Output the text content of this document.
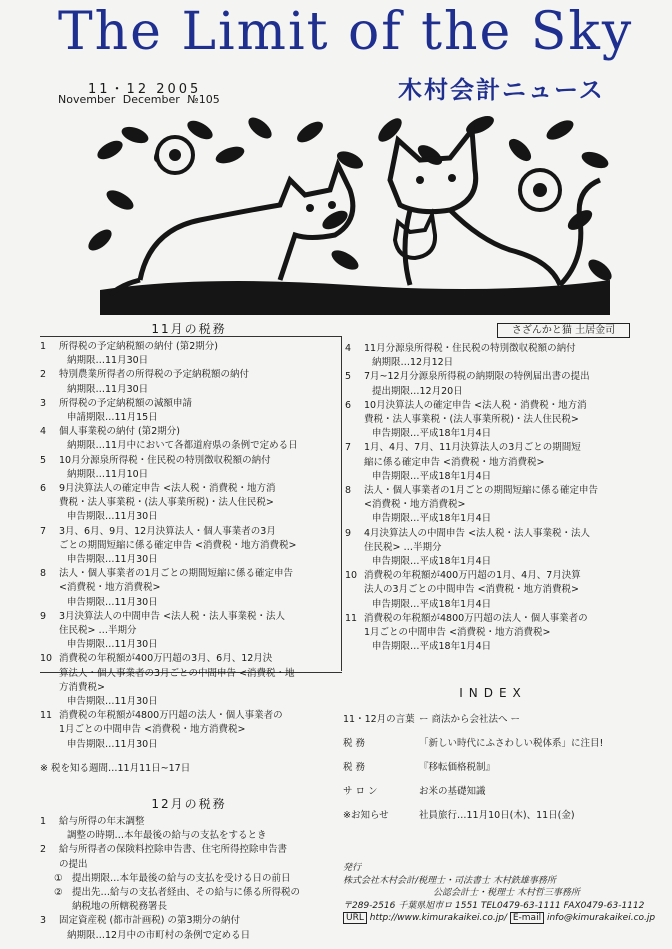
The Limit of the Sky
11・12 2005
November December №105	木村会計ニュース
さざんかと猫 土居金司
11月の税務
1	所得税の予定納税額の納付 (第2期分)
納期限…11月30日
2	特別農業所得者の所得税の予定納税額の納付
納期限…11月30日
3	所得税の予定納税額の減額申請
申請期限…11月15日
4	個人事業税の納付 (第2期分)
納期限…11月中において各都道府県の条例で定める日
5	10月分源泉所得税・住民税の特別徴収税額の納付
納期限…11月10日
6	9月決算法人の確定申告 <法人税・消費税・地方消
費税・法人事業税・(法人事業所税)・法人住民税>
申告期限…11月30日
7	3月、6月、9月、12月決算法人・個人事業者の3月
ごとの期間短縮に係る確定申告 <消費税・地方消費税>
申告期限…11月30日
8	法人・個人事業者の1月ごとの期間短縮に係る確定申告
<消費税・地方消費税>
申告期限…11月30日
9	3月決算法人の中間申告 <法人税・法人事業税・法人
住民税> …半期分
申告期限…11月30日
10 消費税の年税額が400万円超の3月、6月、12月決
算法人・個人事業者の3月ごとの中間申告 <消費税・地
方消費税>
申告期限…11月30日
11 消費税の年税額が4800万円超の法人・個人事業者の
1月ごとの中間申告 <消費税・地方消費税>
申告期限…11月30日
※ 税を知る週間…11月11日~17日
4	11月分源泉所得税・住民税の特別徴収税額の納付
納期限…12月12日
5	7月~12月分源泉所得税の納期限の特例届出書の提出
提出期限…12月20日
6	10月決算法人の確定申告 <法人税・消費税・地方消
費税・法人事業税・(法人事業所税)・法人住民税>
申告期限…平成18年1月4日
7	1月、4月、7月、11月決算法人の3月ごとの期間短
縮に係る確定申告 <消費税・地方消費税>
申告期限…平成18年1月4日
8	法人・個人事業者の1月ごとの期間短縮に係る確定申告
<消費税・地方消費税>
申告期限…平成18年1月4日
9	4月決算法人の中間申告 <法人税・法人事業税・法人
住民税> …半期分
申告期限…平成18年1月4日
10 消費税の年税額が400万円超の1月、4月、7月決算
法人の3月ごとの中間申告 <消費税・地方消費税>
申告期限…平成18年1月4日
11 消費税の年税額が4800万円超の法人・個人事業者の
1月ごとの中間申告 <消費税・地方消費税>
申告期限…平成18年1月4日
12月の税務
1	給与所得の年末調整
調整の時期…本年最後の給与の支払をするとき
2	給与所得者の保険料控除申告書、住宅所得控除申告書
の提出
① 提出期限…本年最後の給与の支払を受ける日の前日
② 提出先…給与の支払者経由、その給与に係る所得税の
納税地の所轄税務署長
3	固定資産税 (都市計画税) の第3期分の納付
納期限…12月中の市町村の条例で定める日
INDEX
11・12月の言葉 ー 商法から会社法へ ー
税 務	「新しい時代にふさわしい税体系」に注目!
税 務	『移転価格税制』
サ ロ ン	お米の基礎知識
※お知らせ	社員旅行…11月10日(木)、11日(金)
発行
株式会社木村会計/税理士・司法書士 木村鉄雄事務所
公認会計士・税理士 木村哲三事務所
〒289-2516 千葉県旭市ロ 1551 TEL0479-63-1111 FAX0479-63-1112
URL http://www.kimurakaikei.co.jp/ E-mail info@kimurakaikei.co.jp
